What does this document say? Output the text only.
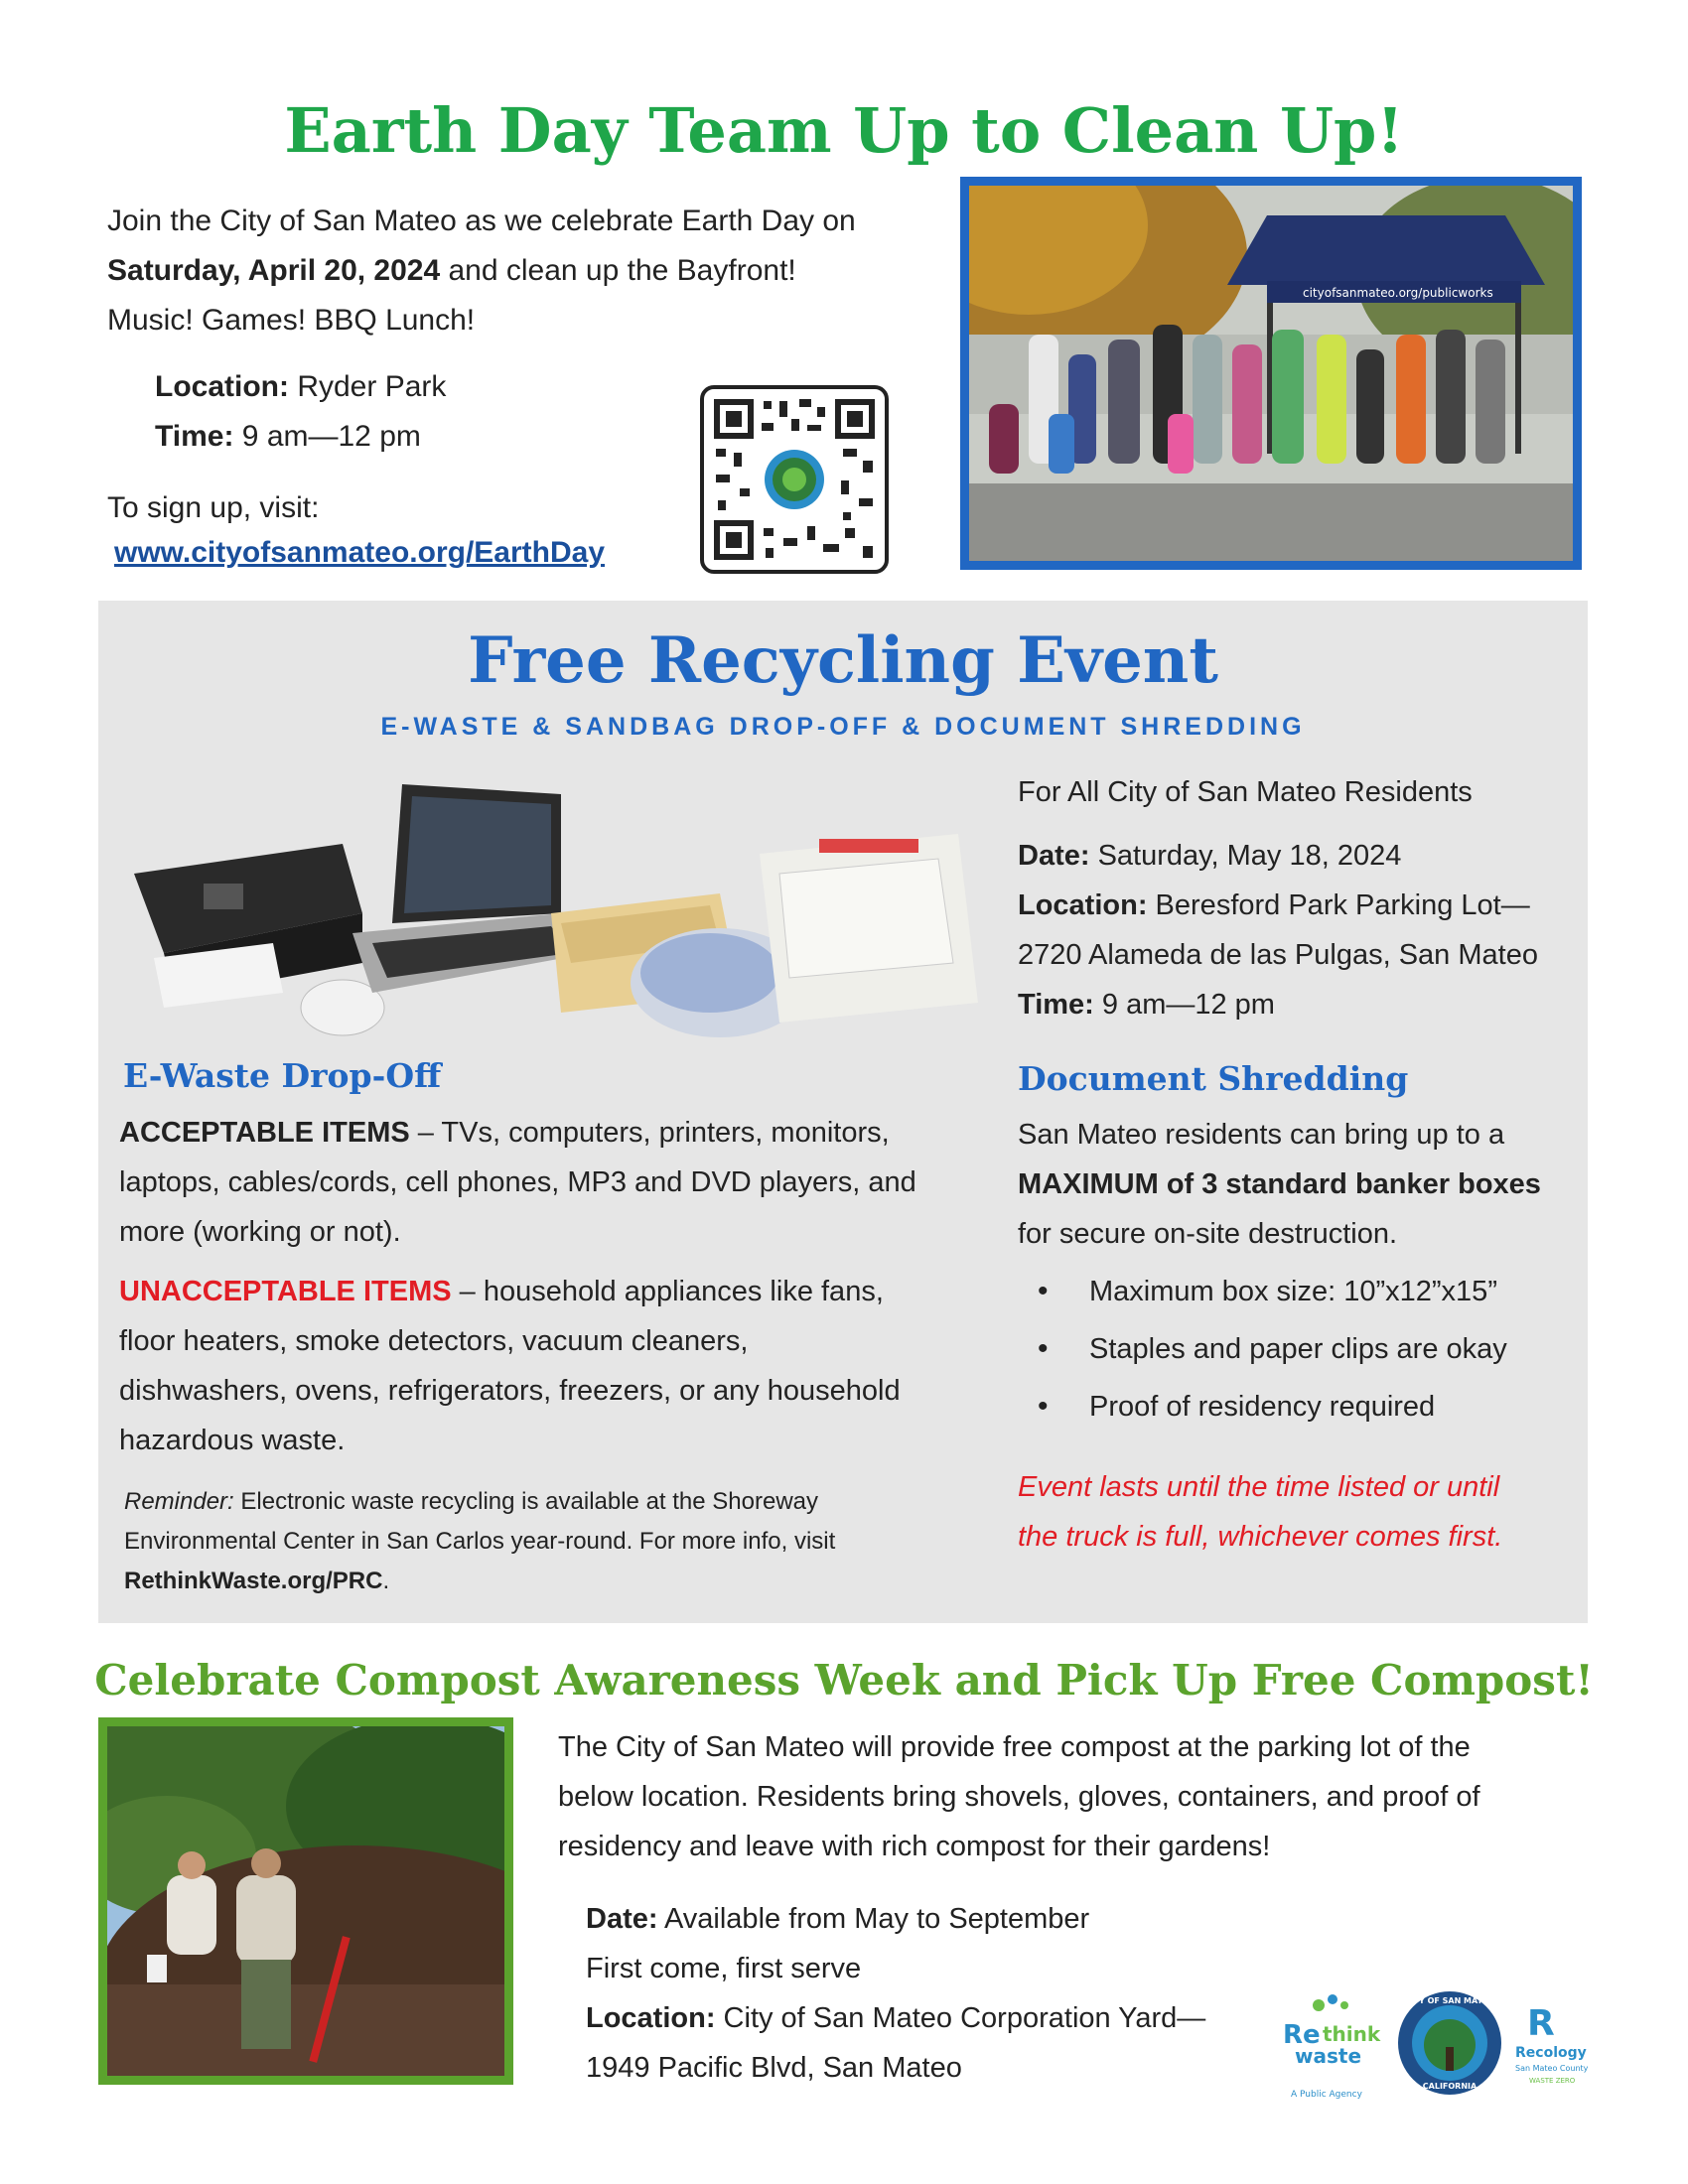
Earth Day Team Up to Clean Up!
Join the City of San Mateo as we celebrate Earth Day on
Saturday, April 20, 2024 and clean up the Bayfront!
Music! Games! BBQ Lunch!
Location: Ryder Park
Time: 9 am—12 pm
To sign up, visit:
www.cityofsanmateo.org/EarthDay
cityofsanmateo.org/publicworks
Free Recycling Event
E-WASTE & SANDBAG DROP-OFF & DOCUMENT SHREDDING
For All City of San Mateo Residents
Date: Saturday, May 18, 2024
Location: Beresford Park Parking Lot—
2720 Alameda de las Pulgas, San Mateo
Time: 9 am—12 pm
E-Waste Drop-Off
ACCEPTABLE ITEMS – TVs, computers, printers, monitors,
laptops, cables/cords, cell phones, MP3 and DVD players, and
more (working or not).
UNACCEPTABLE ITEMS – household appliances like fans,
floor heaters, smoke detectors, vacuum cleaners,
dishwashers, ovens, refrigerators, freezers, or any household
hazardous waste.
Reminder: Electronic waste recycling is available at the Shoreway
Environmental Center in San Carlos year-round. For more info, visit
RethinkWaste.org/PRC.
Document Shredding
San Mateo residents can bring up to a
MAXIMUM of 3 standard banker boxes
for secure on-site destruction.
• Maximum box size: 10”x12”x15”
• Staples and paper clips are okay
• Proof of residency required
Event lasts until the time listed or until
the truck is full, whichever comes first.
Celebrate Compost Awareness Week and Pick Up Free Compost!
The City of San Mateo will provide free compost at the parking lot of the
below location. Residents bring shovels, gloves, containers, and proof of
residency and leave with rich compost for their gardens!
Date: Available from May to September
First come, first serve
Location: City of San Mateo Corporation Yard—
1949 Pacific Blvd, San Mateo
Re think
waste
A Public Agency
CITY OF SAN MATEO
CALIFORNIA
R
Recology
San Mateo County
WASTE ZERO
